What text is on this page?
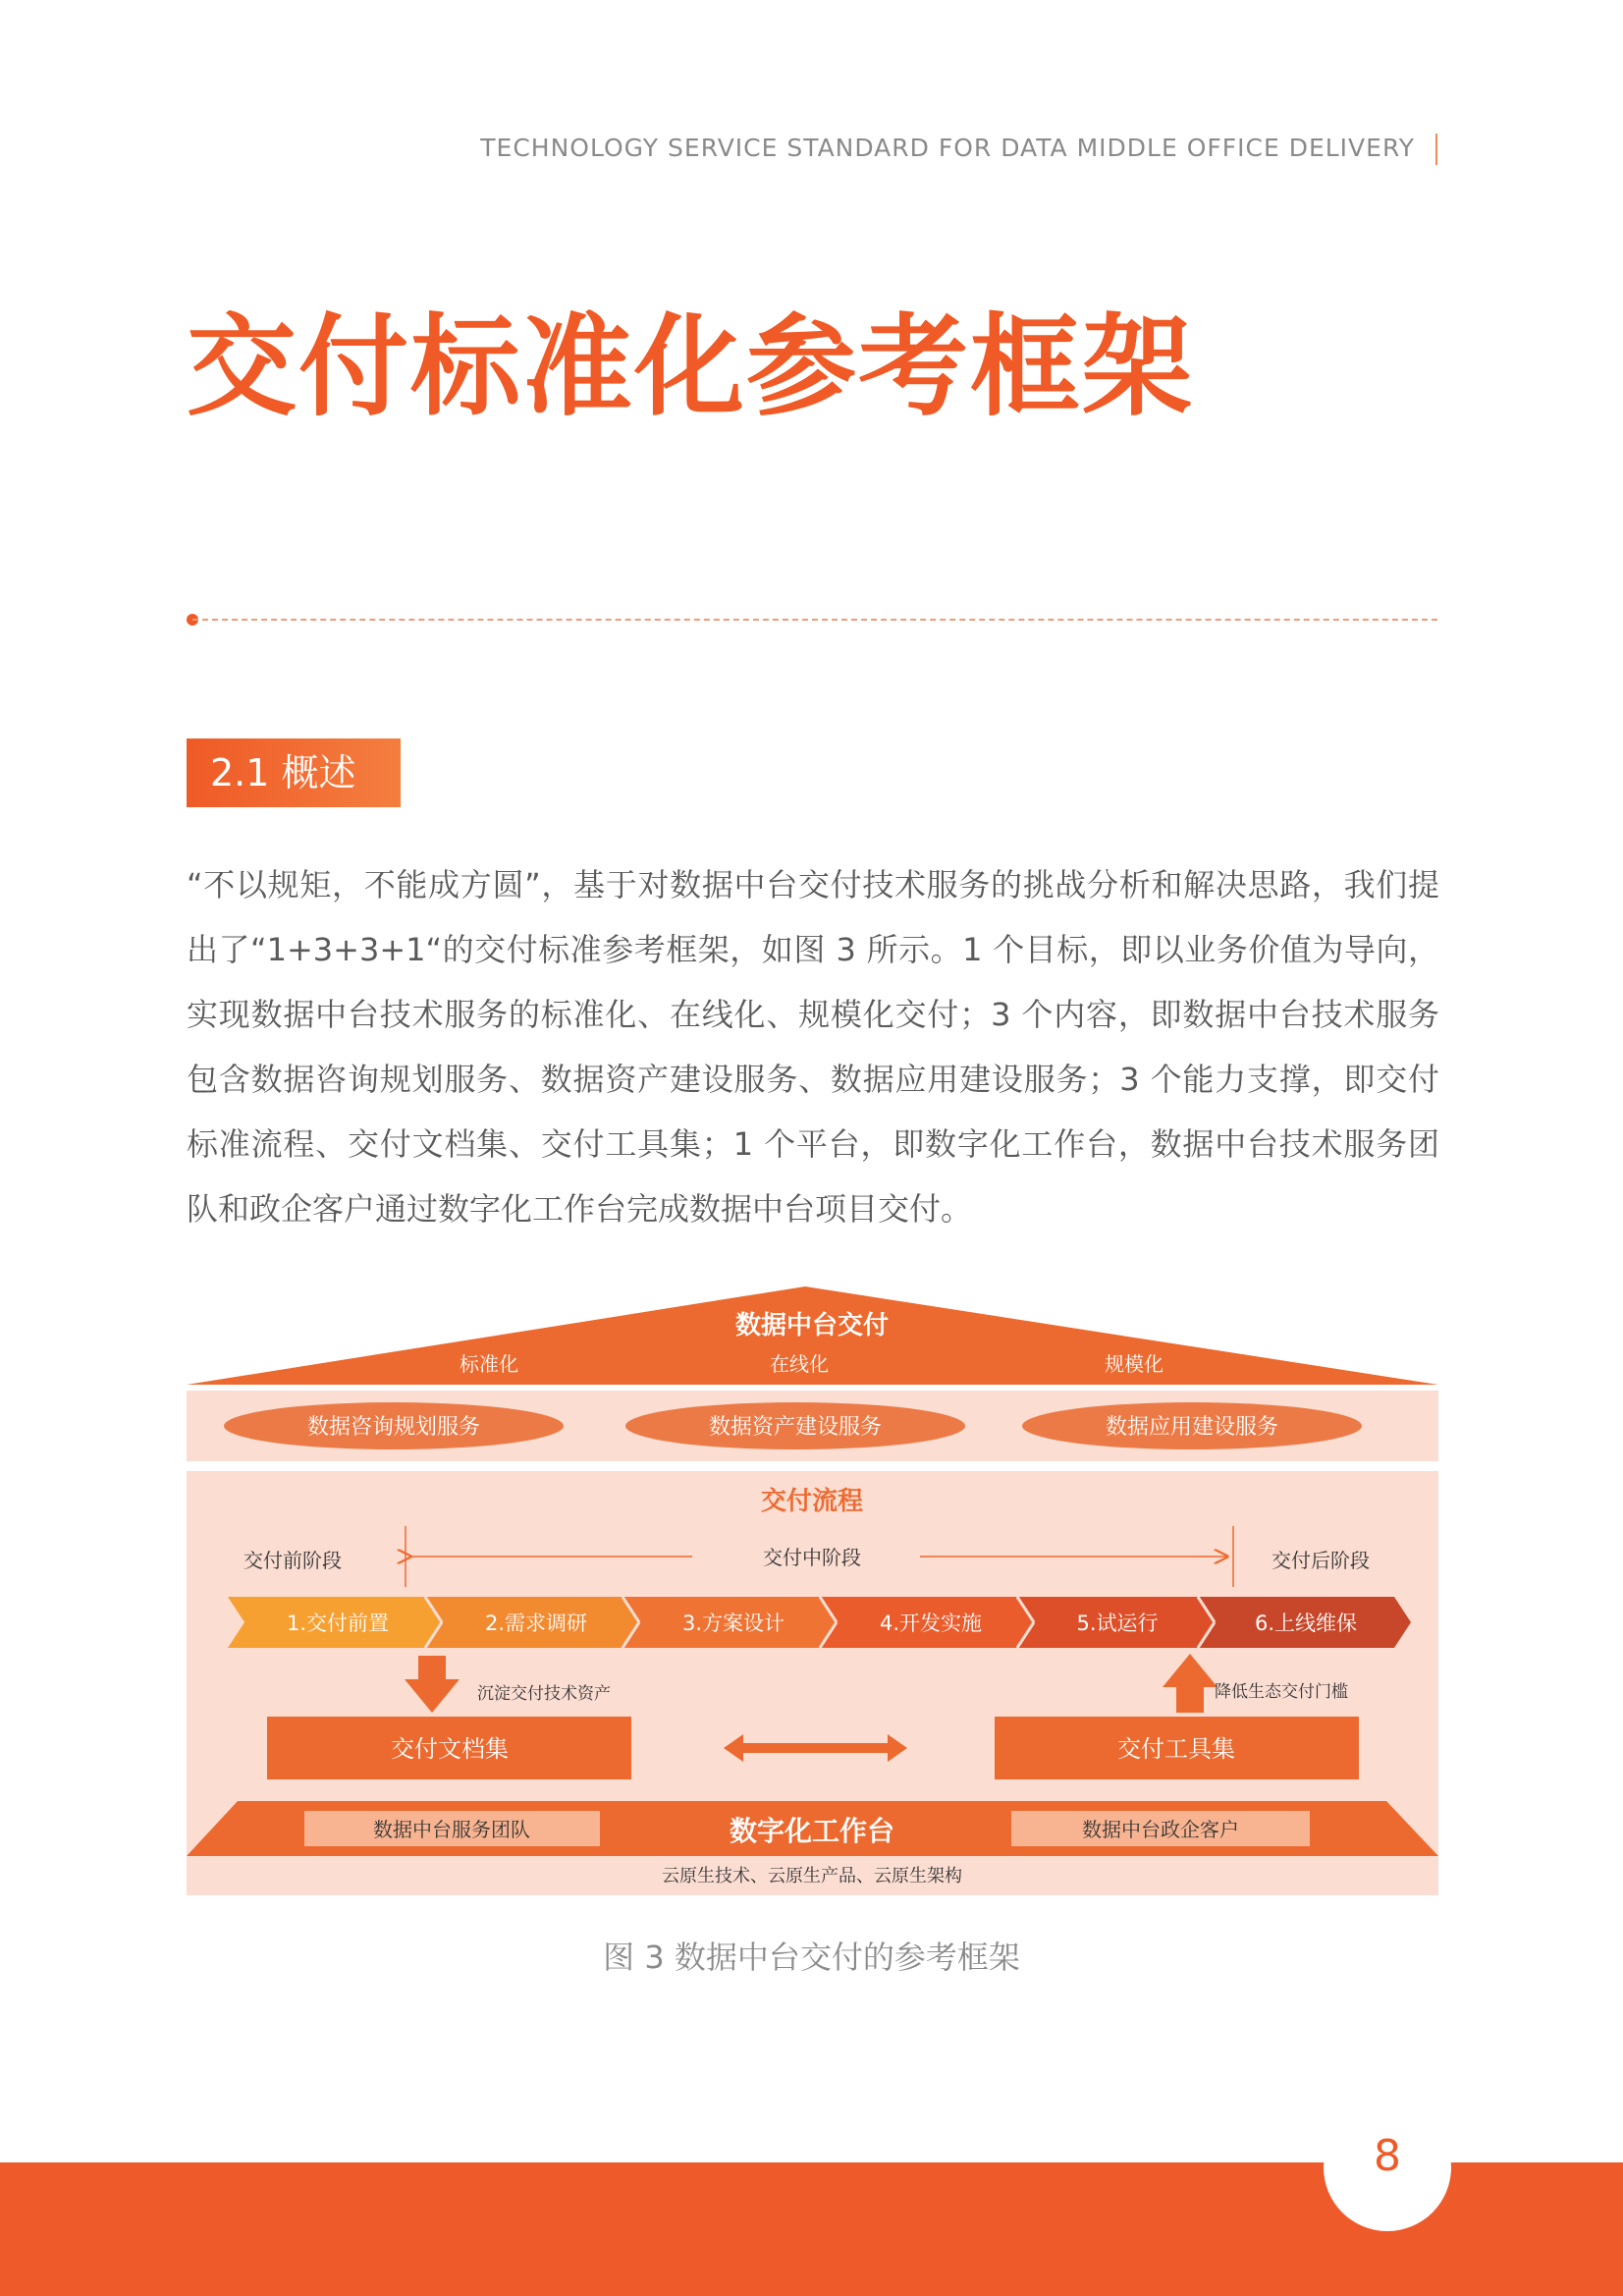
TECHNOLOGY SERVICE STANDARD FOR DATA MIDDLE OFFICE DELIVERY
交付标准化参考框架
2.1 概述

“不以规矩，不能成方圆”，基于对数据中台交付技术服务的挑战分析和解决思路，我们提出了“1+3+3+1“的交付标准参考框架，如图 3 所示。1 个目标，即以业务价值为导向，实现数据中台技术服务的标准化、在线化、规模化交付；3 个内容，即数据中台技术服务包含数据咨询规划服务、数据资产建设服务、数据应用建设服务；3 个能力支撑，即交付标准流程、交付文档集、交付工具集；1 个平台，即数字化工作台，数据中台技术服务团队和政企客户通过数字化工作台完成数据中台项目交付。

数据中台交付
标准化	在线化	规模化
数据咨询规划服务	数据资产建设服务	数据应用建设服务
交付流程
交付前阶段	交付中阶段	交付后阶段
1.交付前置	2.需求调研	3.方案设计	4.开发实施	5.试运行	6.上线维保
沉淀交付技术资产	降低生态交付门槛
交付文档集	交付工具集
数据中台服务团队	数字化工作台	数据中台政企客户
云原生技术、云原生产品、云原生架构
图 3 数据中台交付的参考框架
8
